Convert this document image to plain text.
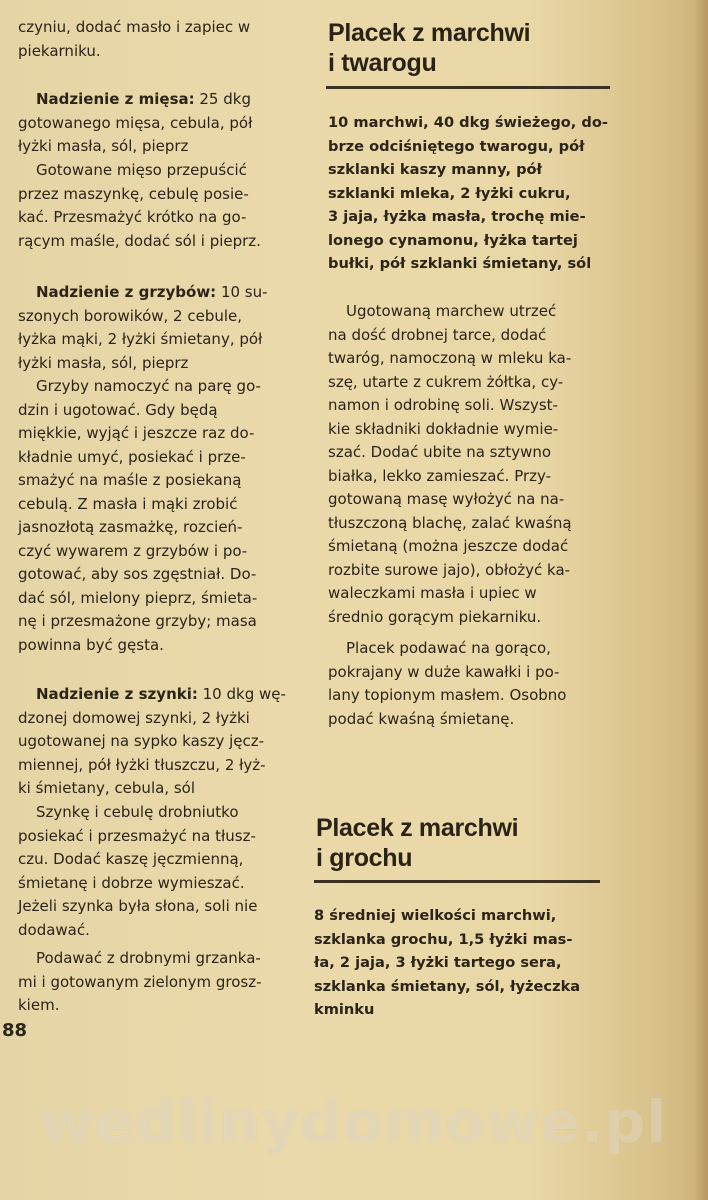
czyniu, dodać masło i zapiec w
piekarniku.

Nadzienie z mięsa: 25 dkg
gotowanego mięsa, cebula, pół
łyżki masła, sól, pieprz

Gotowane mięso przepuścić
przez maszynkę, cebulę posie-
kać. Przesmażyć krótko na go-
rącym maśle, dodać sól i pieprz.

Nadzienie z grzybów: 10 su-
szonych borowików, 2 cebule,
łyżka mąki, 2 łyżki śmietany, pół
łyżki masła, sól, pieprz

Grzyby namoczyć na parę go-
dzin i ugotować. Gdy będą
miękkie, wyjąć i jeszcze raz do-
kładnie umyć, posiekać i prze-
smażyć na maśle z posiekaną
cebulą. Z masła i mąki zrobić
jasnozłotą zasmażkę, rozcień-
czyć wywarem z grzybów i po-
gotować, aby sos zgęstniał. Do-
dać sól, mielony pieprz, śmieta-
nę i przesmażone grzyby; masa
powinna być gęsta.

Nadzienie z szynki: 10 dkg wę-
dzonej domowej szynki, 2 łyżki
ugotowanej na sypko kaszy jęcz-
miennej, pół łyżki tłuszczu, 2 łyż-
ki śmietany, cebula, sól

Szynkę i cebulę drobniutko
posiekać i przesmażyć na tłusz-
czu. Dodać kaszę jęczmienną,
śmietanę i dobrze wymieszać.
Jeżeli szynka była słona, soli nie
dodawać.

Podawać z drobnymi grzanka-
mi i gotowanym zielonym grosz-
kiem.

88
Placek z marchwi
i twarogu

10 marchwi, 40 dkg świeżego, do-
brze odciśniętego twarogu, pół
szklanki kaszy manny, pół
szklanki mleka, 2 łyżki cukru,
3 jaja, łyżka masła, trochę mie-
lonego cynamonu, łyżka tartej
bułki, pół szklanki śmietany, sól

Ugotowaną marchew utrzeć
na dość drobnej tarce, dodać
twaróg, namoczoną w mleku ka-
szę, utarte z cukrem żółtka, cy-
namon i odrobinę soli. Wszyst-
kie składniki dokładnie wymie-
szać. Dodać ubite na sztywno
białka, lekko zamieszać. Przy-
gotowaną masę wyłożyć na na-
tłuszczoną blachę, zalać kwaśną
śmietaną (można jeszcze dodać
rozbite surowe jajo), obłożyć ka-
waleczkami masła i upiec w
średnio gorącym piekarniku.

Placek podawać na gorąco,
pokrajany w duże kawałki i po-
lany topionym masłem. Osobno
podać kwaśną śmietanę.

Placek z marchwi
i grochu

8 średniej wielkości marchwi,
szklanka grochu, 1,5 łyżki mas-
ła, 2 jaja, 3 łyżki tartego sera,
szklanka śmietany, sól, łyżeczka
kminku

wedlinydomowe.pl
